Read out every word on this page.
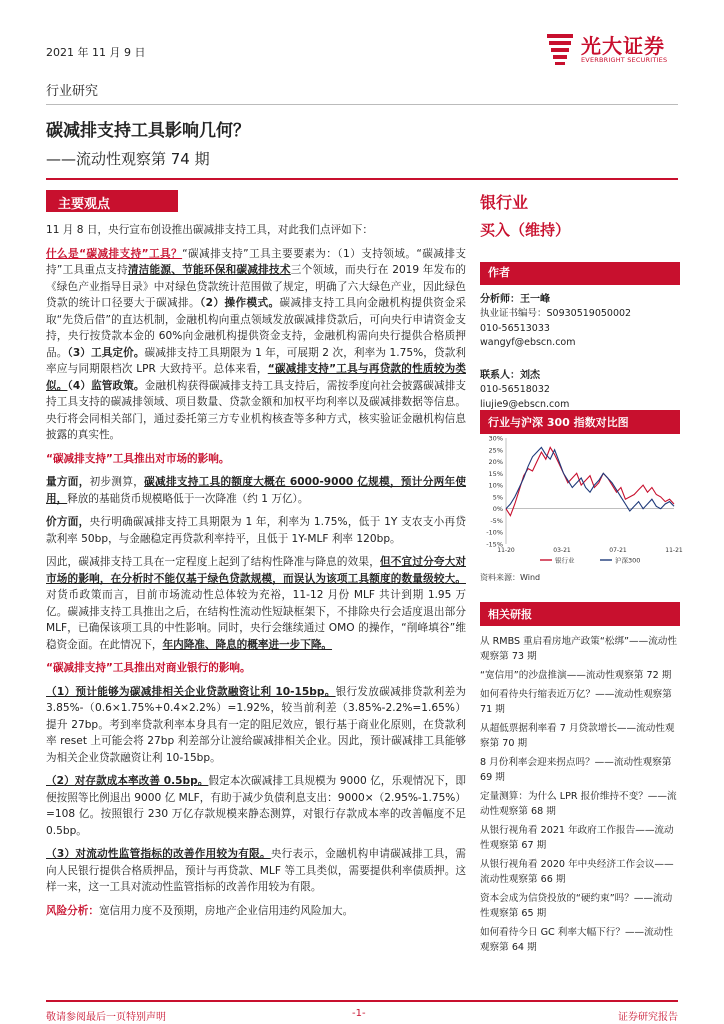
2021 年 11 月 9 日	光大证券
EVERBRIGHT SECURITIES
行业研究
碳减排支持工具影响几何？
——流动性观察第 74 期
主要观点

11 月 8 日，央行宣布创设推出碳减排支持工具，对此我们点评如下：

什么是“碳减排支持”工具？“碳减排支持”工具主要要素为：（1）支持领域。“碳减排支持”工具重点支持清洁能源、节能环保和碳减排技术三个领域，而央行在 2019 年发布的《绿色产业指导目录》中对绿色贷款统计范围做了规定，明确了六大绿色产业，因此绿色贷款的统计口径要大于碳减排。（2）操作模式。碳减排支持工具向金融机构提供资金采取“先贷后借”的直达机制，金融机构向重点领域发放碳减排贷款后，可向央行申请资金支持，央行按贷款本金的 60%向金融机构提供资金支持，金融机构需向央行提供合格质押品。（3）工具定价。碳减排支持工具期限为 1 年，可展期 2 次，利率为 1.75%，贷款利率应与同期限档次 LPR 大致持平。总体来看，“碳减排支持”工具与再贷款的性质较为类似。（4）监管政策。金融机构获得碳减排支持工具支持后，需按季度向社会披露碳减排支持工具支持的碳减排领域、项目数量、贷款金额和加权平均利率以及碳减排数据等信息。央行将会同相关部门，通过委托第三方专业机构核查等多种方式，核实验证金融机构信息披露的真实性。

“碳减排支持”工具推出对市场的影响。

量方面，初步测算，碳减排支持工具的额度大概在 6000-9000 亿规模，预计分两年使用，释放的基础货币规模略低于一次降准（约 1 万亿）。

价方面，央行明确碳减排支持工具期限为 1 年，利率为 1.75%，低于 1Y 支农支小再贷款利率 50bp，与金融稳定再贷款利率持平，且低于 1Y-MLF 利率 120bp。

因此，碳减排支持工具在一定程度上起到了结构性降准与降息的效果，但不宜过分夸大对市场的影响，在分析时不能仅基于绿色贷款规模，而误认为该项工具额度的数量级较大。对货币政策而言，目前市场流动性总体较为充裕，11-12 月份 MLF 共计到期 1.95 万亿。碳减排支持工具推出之后，在结构性流动性短缺框架下，不排除央行会适度退出部分 MLF，已确保该项工具的中性影响。同时，央行会继续通过 OMO 的操作，“削峰填谷”维稳资金面。在此情况下，年内降准、降息的概率进一步下降。

“碳减排支持”工具推出对商业银行的影响。

（1）预计能够为碳减排相关企业贷款融资让利 10-15bp。银行发放碳减排贷款利差为 3.85%-（0.6×1.75%+0.4×2.2%）=1.92%，较当前利差（3.85%-2.2%=1.65%）提升 27bp。考到率贷款利率本身具有一定的阻尼效应，银行基于商业化原则，在贷款利率 reset 上可能会将 27bp 利差部分让渡给碳减排相关企业。因此，预计碳减排工具能够为相关企业贷款融资让利 10-15bp。

（2）对存款成本率改善 0.5bp。假定本次碳减排工具规模为 9000 亿，乐观情况下，即便按照等比例退出 9000 亿 MLF，有助于减少负债利息支出：9000×（2.95%-1.75%）=108 亿。按照银行 230 万亿存款规模来静态测算，对银行存款成本率的改善幅度不足 0.5bp。

（3）对流动性监管指标的改善作用较为有限。央行表示，金融机构申请碳减排工具，需向人民银行提供合格质押品，预计与再贷款、MLF 等工具类似，需要提供利率债质押。这样一来，这一工具对流动性监管指标的改善作用较为有限。

风险分析：宽信用力度不及预期，房地产企业信用违约风险加大。

银行业
买入（维持）
作者
分析师：王一峰
执业证书编号：S0930519050002
010-56513033
wangyf@ebscn.com
联系人：刘杰
010-56518032
liujie9@ebscn.com
行业与沪深 300 指数对比图
30%
25%
20%
15%
10%
5%
0%
-5%
-10%
-15%
11-20	03-21	07-21	11-21
银行业	沪深300
资料来源：Wind
相关研报
从 RMBS 重启看房地产政策“松绑”——流动性观察第 73 期
“宽信用”的沙盘推演——流动性观察第 72 期
如何看待央行缩表近万亿？——流动性观察第 71 期
从超低票据利率看 7 月贷款增长——流动性观察第 70 期
8 月份利率会迎来拐点吗？——流动性观察第 69 期
定量测算：为什么 LPR 报价维持不变？——流动性观察第 68 期
从银行视角看 2021 年政府工作报告——流动性观察第 67 期
从银行视角看 2020 年中央经济工作会议——流动性观察第 66 期
资本会成为信贷投放的“硬约束”吗？——流动性观察第 65 期
如何看待今日 GC 利率大幅下行？——流动性观察第 64 期
敬请参阅最后一页特别声明	-1-	证券研究报告
